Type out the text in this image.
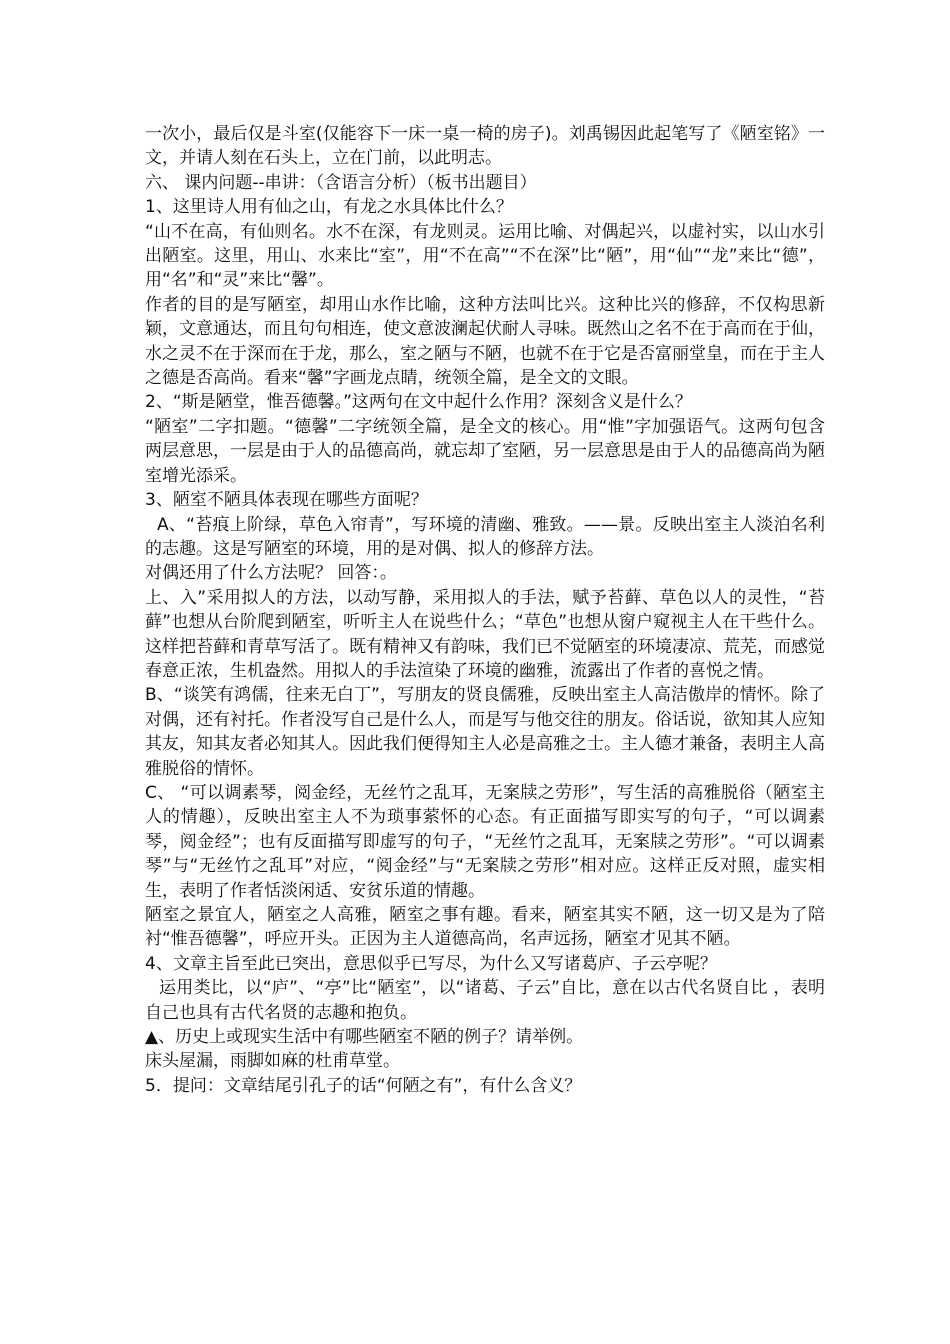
一次小，最后仅是斗室(仅能容下一床一桌一椅的房子)。刘禹锡因此起笔写了《陋室铭》一文，并请人刻在石头上，立在门前，以此明志。

六、 课内问题--串讲：（含语言分析）（板书出题目）

1、这里诗人用有仙之山，有龙之水具体比什么？

“山不在高，有仙则名。水不在深，有龙则灵。运用比喻、对偶起兴，以虚衬实，以山水引出陋室。这里，用山、水来比“室”，用“不在高”“不在深”比“陋”，用“仙”“龙”来比“德”，用“名”和“灵”来比“馨”。

作者的目的是写陋室，却用山水作比喻，这种方法叫比兴。这种比兴的修辞，不仅构思新颖，文意通达，而且句句相连，使文意波澜起伏耐人寻味。既然山之名不在于高而在于仙，水之灵不在于深而在于龙，那么，室之陋与不陋，也就不在于它是否富丽堂皇，而在于主人之德是否高尚。看来“馨”字画龙点睛，统领全篇，是全文的文眼。

2、“斯是陋堂，惟吾德馨。”这两句在文中起什么作用？深刻含义是什么？

“陋室”二字扣题。“德馨”二字统领全篇，是全文的核心。用“惟”字加强语气。这两句包含两层意思，一层是由于人的品德高尚，就忘却了室陋，另一层意思是由于人的品德高尚为陋室增光添采。

3、陋室不陋具体表现在哪些方面呢？

A、“苔痕上阶绿，草色入帘青”，写环境的清幽、雅致。——景。反映出室主人淡泊名利的志趣。这是写陋室的环境，用的是对偶、拟人的修辞方法。

对偶还用了什么方法呢？ 回答：。

上、入”采用拟人的方法，以动写静，采用拟人的手法，赋予苔藓、草色以人的灵性，“苔藓”也想从台阶爬到陋室，听听主人在说些什么；“草色”也想从窗户窥视主人在干些什么。这样把苔藓和青草写活了。既有精神又有韵味，我们已不觉陋室的环境凄凉、荒芜，而感觉春意正浓，生机盎然。用拟人的手法渲染了环境的幽雅，流露出了作者的喜悦之情。

B、“谈笑有鸿儒，往来无白丁”，写朋友的贤良儒雅，反映出室主人高洁傲岸的情怀。除了对偶，还有衬托。作者没写自己是什么人，而是写与他交往的朋友。俗话说，欲知其人应知其友，知其友者必知其人。因此我们便得知主人必是高雅之士。主人德才兼备，表明主人高雅脱俗的情怀。

C、 “可以调素琴，阅金经，无丝竹之乱耳，无案牍之劳形”，写生活的高雅脱俗（陋室主人的情趣），反映出室主人不为琐事萦怀的心态。有正面描写即实写的句子，“可以调素琴，阅金经”；也有反面描写即虚写的句子，“无丝竹之乱耳，无案牍之劳形”。“可以调素琴”与“无丝竹之乱耳”对应，“阅金经”与“无案牍之劳形”相对应。这样正反对照，虚实相生，表明了作者恬淡闲适、安贫乐道的情趣。

陋室之景宜人，陋室之人高雅，陋室之事有趣。看来，陋室其实不陋，这一切又是为了陪衬“惟吾德馨”，呼应开头。正因为主人道德高尚，名声远扬，陋室才见其不陋。

4、文章主旨至此已突出，意思似乎已写尽，为什么又写诸葛庐、子云亭呢？

运用类比，以“庐”、“亭”比“陋室”，以“诸葛、子云”自比，意在以古代名贤自比 ，表明自己也具有古代名贤的志趣和抱负。

▲、历史上或现实生活中有哪些陋室不陋的例子？请举例。

床头屋漏，雨脚如麻的杜甫草堂。

5．提问：文章结尾引孔子的话“何陋之有”，有什么含义？
